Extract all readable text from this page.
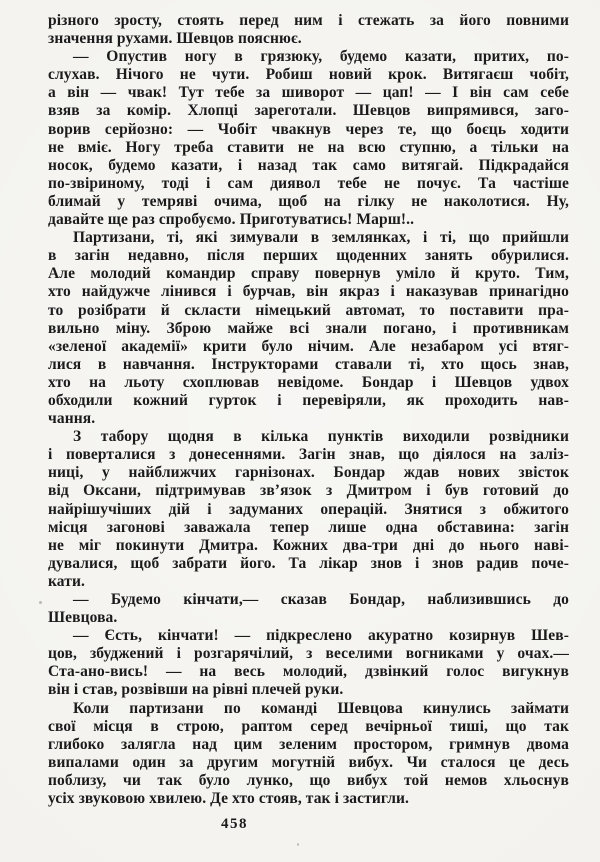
різного зросту, стоять перед ним і стежать за його повними
значення рухами. Шевцов пояснює.
— Опустив ногу в грязюку, будемо казати, притих, по-
слухав. Нічого не чути. Робиш новий крок. Витягаєш чобіт,
а він — чвак! Тут тебе за шиворот — цап! — І він сам себе
взяв за комір. Хлопці зареготали. Шевцов випрямився, заго-
ворив серйозно: — Чобіт чвакнув через те, що боєць ходити
не вміє. Ногу треба ставити не на всю ступню, а тільки на
носок, будемо казати, і назад так само витягай. Підкрадайся
по-звіриному, тоді і сам диявол тебе не почує. Та частіше
блимай у темряві очима, щоб на гілку не наколотися. Ну,
давайте ще раз спробуємо. Приготуватись! Марш!..
Партизани, ті, які зимували в землянках, і ті, що прийшли
в загін недавно, після перших щоденних занять обурилися.
Але молодий командир справу повернув уміло й круто. Тим,
хто найдужче лінився і бурчав, він якраз і наказував принагідно
то розібрати й скласти німецький автомат, то поставити пра-
вильно міну. Зброю майже всі знали погано, і противникам
«зеленої академії» крити було нічим. Але незабаром усі втяг-
лися в навчання. Інструкторами ставали ті, хто щось знав,
хто на льоту схоплював невідоме. Бондар і Шевцов удвох
обходили кожний гурток і перевіряли, як проходить нав-
чання.
З табору щодня в кілька пунктів виходили розвідники
і поверталися з донесеннями. Загін знав, що діялося на заліз-
ниці, у найближчих гарнізонах. Бондар ждав нових звісток
від Оксани, підтримував зв’язок з Дмитром і був готовий до
найрішучіших дій і задуманих операцій. Знятися з обжитого
місця загонові заважала тепер лише одна обставина: загін
не міг покинути Дмитра. Кожних два-три дні до нього наві-
дувалися, щоб забрати його. Та лікар знов і знов радив поче-
кати.
— Будемо кінчати,— сказав Бондар, наблизившись до
Шевцова.
— Єсть, кінчати! — підкреслено акуратно козирнув Шев-
цов, збуджений і розгарячілий, з веселими вогниками у очах.—
Ста-ано-вись! — на весь молодий, дзвінкий голос вигукнув
він і став, розвівши на рівні плечей руки.
Коли партизани по команді Шевцова кинулись займати
свої місця в строю, раптом серед вечірньої тиші, що так
глибоко залягла над цим зеленим простором, гримнув двома
випалами один за другим могутній вибух. Чи сталося це десь
поблизу, чи так було лунко, що вибух той немов хльоснув
усіх звуковою хвилею. Де хто стояв, так і застигли.
458
